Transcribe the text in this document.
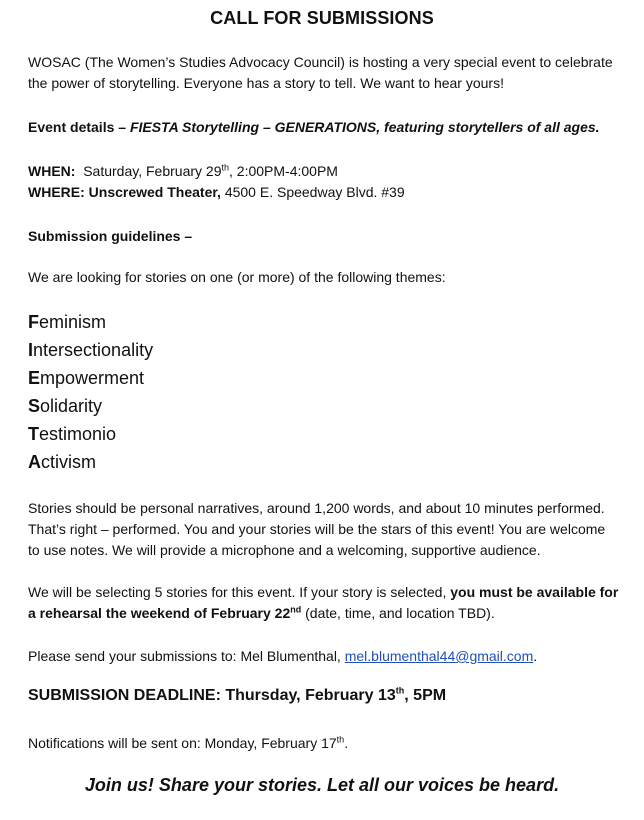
CALL FOR SUBMISSIONS
WOSAC (The Women’s Studies Advocacy Council) is hosting a very special event to celebrate
the power of storytelling. Everyone has a story to tell. We want to hear yours!
Event details – FIESTA Storytelling – GENERATIONS, featuring storytellers of all ages.
WHEN:  Saturday, February 29th, 2:00PM-4:00PM
WHERE: Unscrewed Theater, 4500 E. Speedway Blvd. #39
Submission guidelines –
We are looking for stories on one (or more) of the following themes:
Feminism
Intersectionality
Empowerment
Solidarity
Testimonio
Activism
Stories should be personal narratives, around 1,200 words, and about 10 minutes performed.
That’s right – performed. You and your stories will be the stars of this event! You are welcome
to use notes. We will provide a microphone and a welcoming, supportive audience.
We will be selecting 5 stories for this event. If your story is selected, you must be available for
a rehearsal the weekend of February 22nd (date, time, and location TBD).
Please send your submissions to: Mel Blumenthal, mel.blumenthal44@gmail.com.
SUBMISSION DEADLINE: Thursday, February 13th, 5PM
Notifications will be sent on: Monday, February 17th.
Join us! Share your stories. Let all our voices be heard.
